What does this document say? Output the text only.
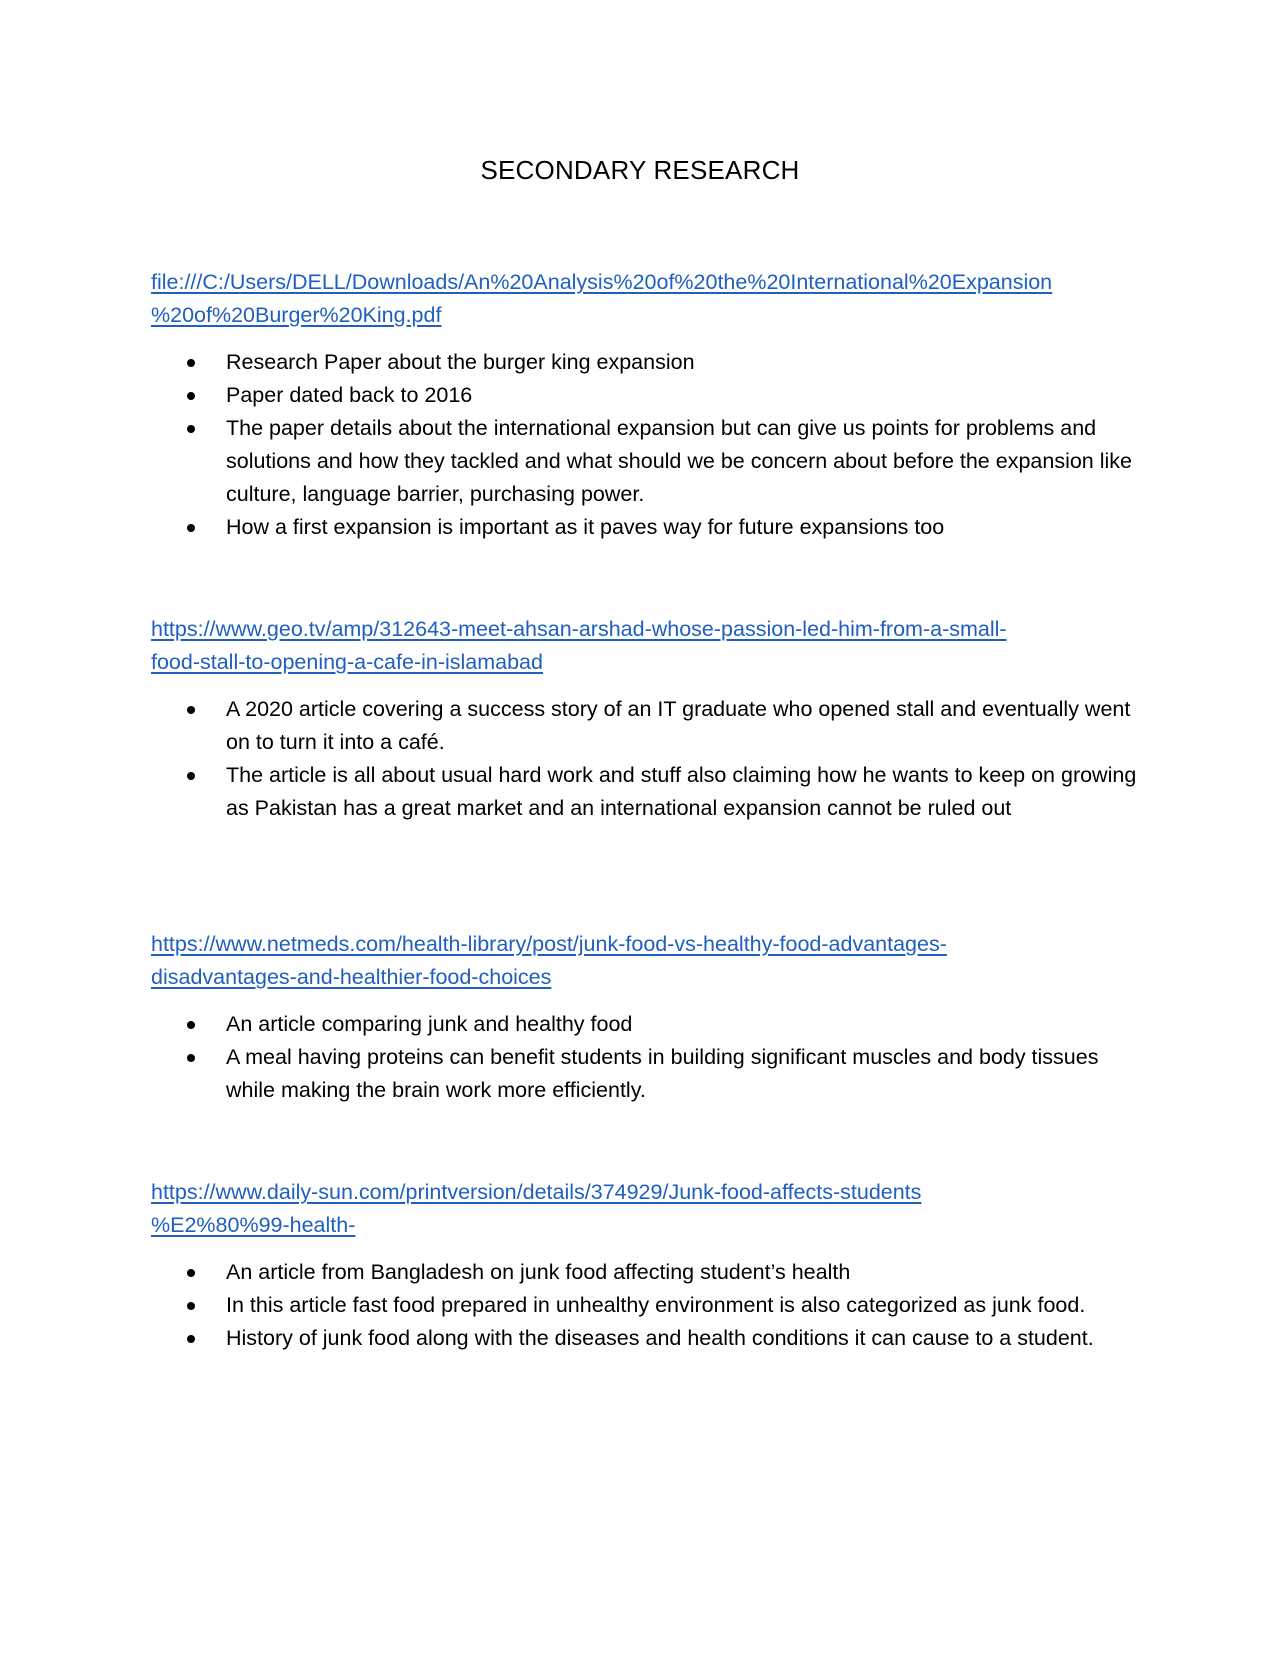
SECONDARY RESEARCH
file:///C:/Users/DELL/Downloads/An%20Analysis%20of%20the%20International%20Expansion
%20of%20Burger%20King.pdf
Research Paper about the burger king expansion
Paper dated back to 2016
The paper details about the international expansion but can give us points for problems and solutions and how they tackled and what should we be concern about before the expansion like culture, language barrier, purchasing power.
How a first expansion is important as it paves way for future expansions too
https://www.geo.tv/amp/312643-meet-ahsan-arshad-whose-passion-led-him-from-a-small-
food-stall-to-opening-a-cafe-in-islamabad
A 2020 article covering a success story of an IT graduate who opened stall and eventually went on to turn it into a café.
The article is all about usual hard work and stuff also claiming how he wants to keep on growing as Pakistan has a great market and an international expansion cannot be ruled out
https://www.netmeds.com/health-library/post/junk-food-vs-healthy-food-advantages-
disadvantages-and-healthier-food-choices
An article comparing junk and healthy food
A meal having proteins can benefit students in building significant muscles and body tissues while making the brain work more efficiently.
https://www.daily-sun.com/printversion/details/374929/Junk-food-affects-students
%E2%80%99-health-
An article from Bangladesh on junk food affecting student’s health
In this article fast food prepared in unhealthy environment is also categorized as junk food.
History of junk food along with the diseases and health conditions it can cause to a student.
